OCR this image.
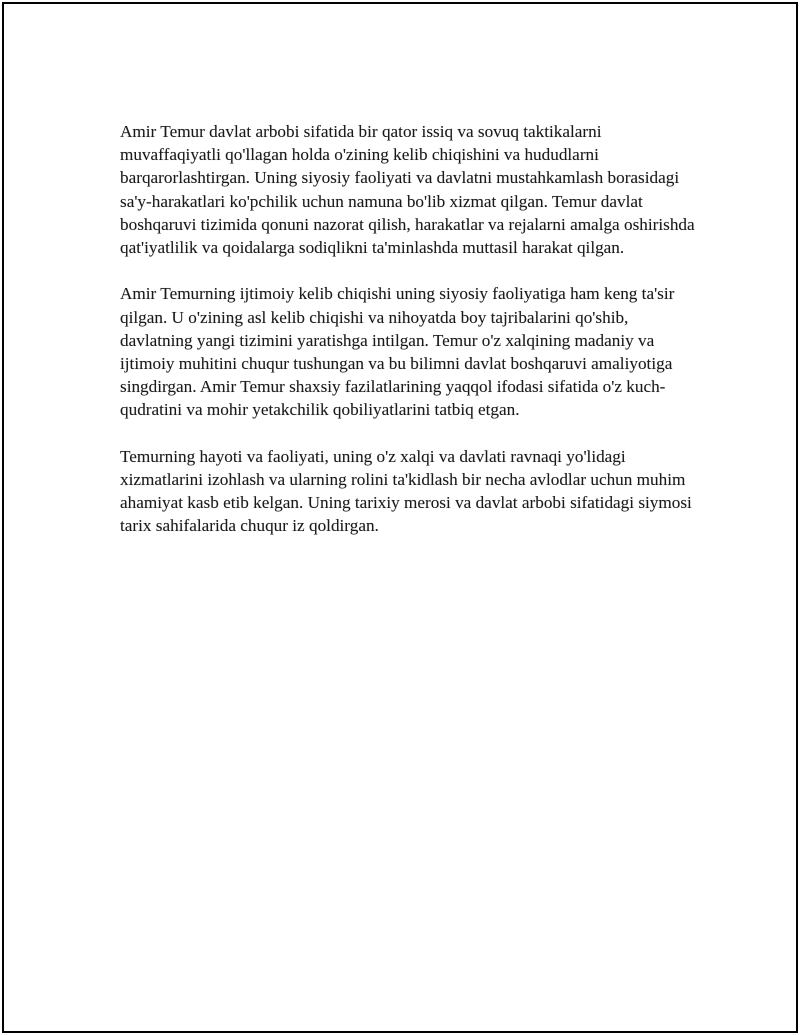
Amir Temur davlat arbobi sifatida bir qator issiq va sovuq taktikalarni muvaffaqiyatli qo'llagan holda o'zining kelib chiqishini va hududlarni barqarorlashtirgan. Uning siyosiy faoliyati va davlatni mustahkamlash borasidagi sa'y-harakatlari ko'pchilik uchun namuna bo'lib xizmat qilgan. Temur davlat boshqaruvi tizimida qonuni nazorat qilish, harakatlar va rejalarni amalga oshirishda qat'iyatlilik va qoidalarga sodiqlikni ta'minlashda muttasil harakat qilgan.

Amir Temurning ijtimoiy kelib chiqishi uning siyosiy faoliyatiga ham keng ta'sir qilgan. U o'zining asl kelib chiqishi va nihoyatda boy tajribalarini qo'shib, davlatning yangi tizimini yaratishga intilgan. Temur o'z xalqining madaniy va ijtimoiy muhitini chuqur tushungan va bu bilimni davlat boshqaruvi amaliyotiga singdirgan. Amir Temur shaxsiy fazilatlarining yaqqol ifodasi sifatida o'z kuch-qudratini va mohir yetakchilik qobiliyatlarini tatbiq etgan.

Temurning hayoti va faoliyati, uning o'z xalqi va davlati ravnaqi yo'lidagi xizmatlarini izohlash va ularning rolini ta'kidlash bir necha avlodlar uchun muhim ahamiyat kasb etib kelgan. Uning tarixiy merosi va davlat arbobi sifatidagi siymosi tarix sahifalarida chuqur iz qoldirgan.
